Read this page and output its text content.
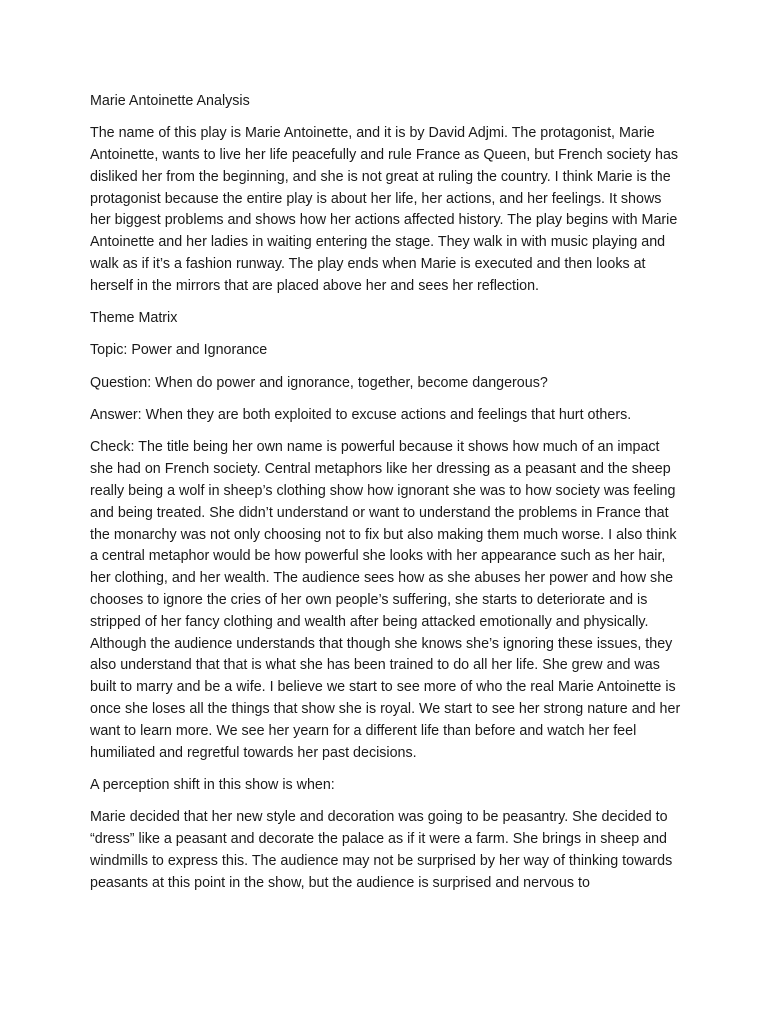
Marie Antoinette Analysis

The name of this play is Marie Antoinette, and it is by David Adjmi. The protagonist, Marie Antoinette, wants to live her life peacefully and rule France as Queen, but French society has disliked her from the beginning, and she is not great at ruling the country. I think Marie is the protagonist because the entire play is about her life, her actions, and her feelings. It shows her biggest problems and shows how her actions affected history. The play begins with Marie Antoinette and her ladies in waiting entering the stage. They walk in with music playing and walk as if it’s a fashion runway. The play ends when Marie is executed and then looks at herself in the mirrors that are placed above her and sees her reflection.

Theme Matrix

Topic: Power and Ignorance

Question: When do power and ignorance, together, become dangerous?

Answer: When they are both exploited to excuse actions and feelings that hurt others.

Check: The title being her own name is powerful because it shows how much of an impact she had on French society. Central metaphors like her dressing as a peasant and the sheep really being a wolf in sheep’s clothing show how ignorant she was to how society was feeling and being treated. She didn’t understand or want to understand the problems in France that the monarchy was not only choosing not to fix but also making them much worse. I also think a central metaphor would be how powerful she looks with her appearance such as her hair, her clothing, and her wealth. The audience sees how as she abuses her power and how she chooses to ignore the cries of her own people’s suffering, she starts to deteriorate and is stripped of her fancy clothing and wealth after being attacked emotionally and physically. Although the audience understands that though she knows she’s ignoring these issues, they also understand that that is what she has been trained to do all her life. She grew and was built to marry and be a wife. I believe we start to see more of who the real Marie Antoinette is once she loses all the things that show she is royal. We start to see her strong nature and her want to learn more. We see her yearn for a different life than before and watch her feel humiliated and regretful towards her past decisions.

A perception shift in this show is when:

Marie decided that her new style and decoration was going to be peasantry. She decided to “dress” like a peasant and decorate the palace as if it were a farm. She brings in sheep and windmills to express this. The audience may not be surprised by her way of thinking towards peasants at this point in the show, but the audience is surprised and nervous to
